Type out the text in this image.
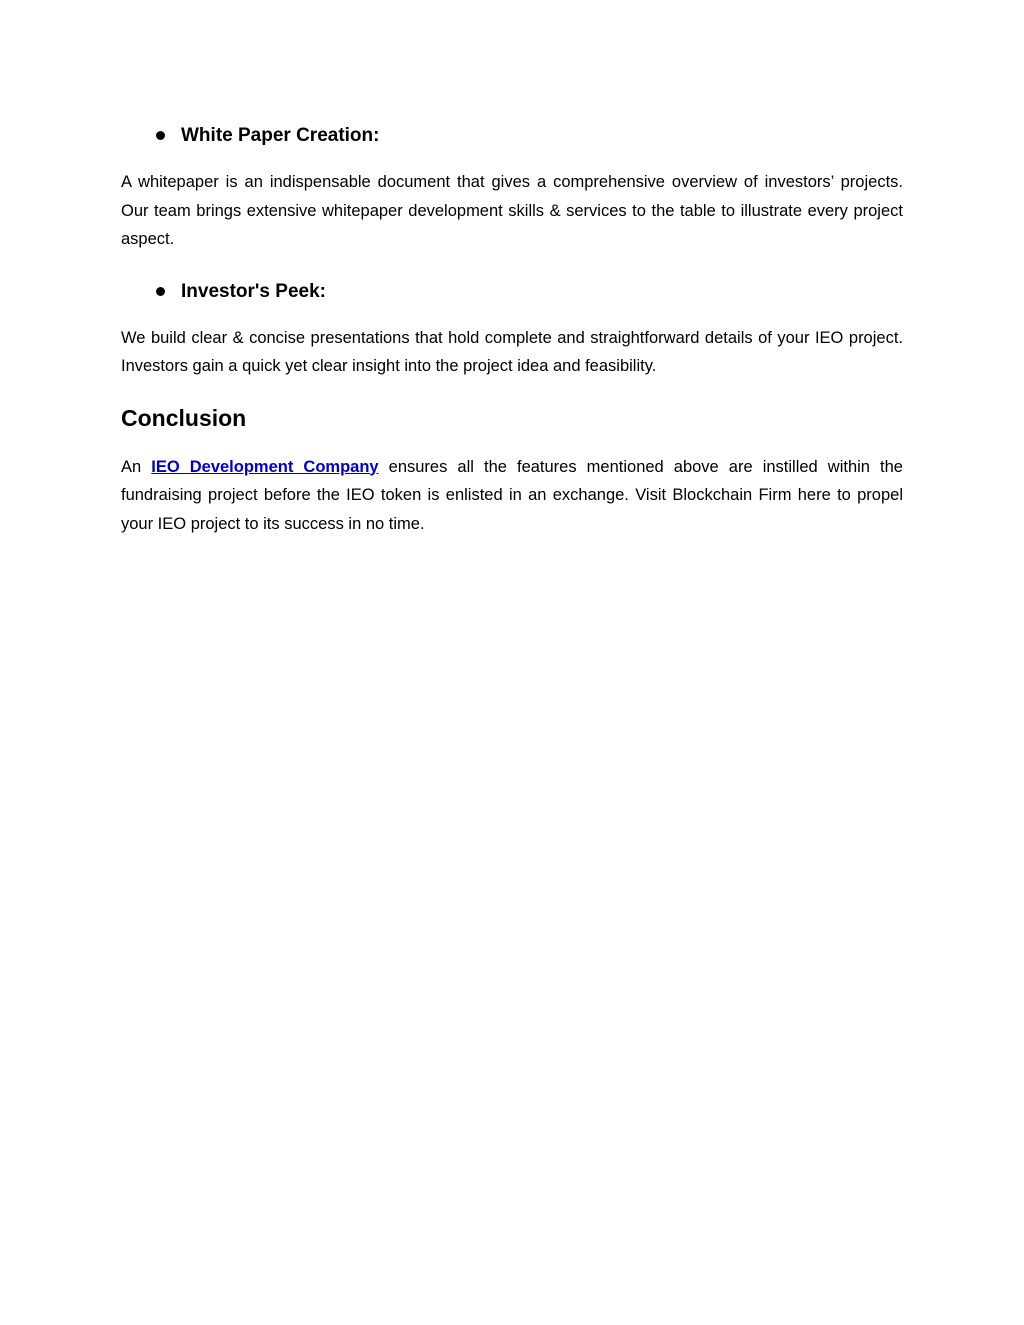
White Paper Creation:

A whitepaper is an indispensable document that gives a comprehensive overview of investors’ projects. Our team brings extensive whitepaper development skills & services to the table to illustrate every project aspect.

Investor's Peek:

We build clear & concise presentations that hold complete and straightforward details of your IEO project. Investors gain a quick yet clear insight into the project idea and feasibility.

Conclusion

An IEO Development Company ensures all the features mentioned above are instilled within the fundraising project before the IEO token is enlisted in an exchange. Visit Blockchain Firm here to propel your IEO project to its success in no time.
